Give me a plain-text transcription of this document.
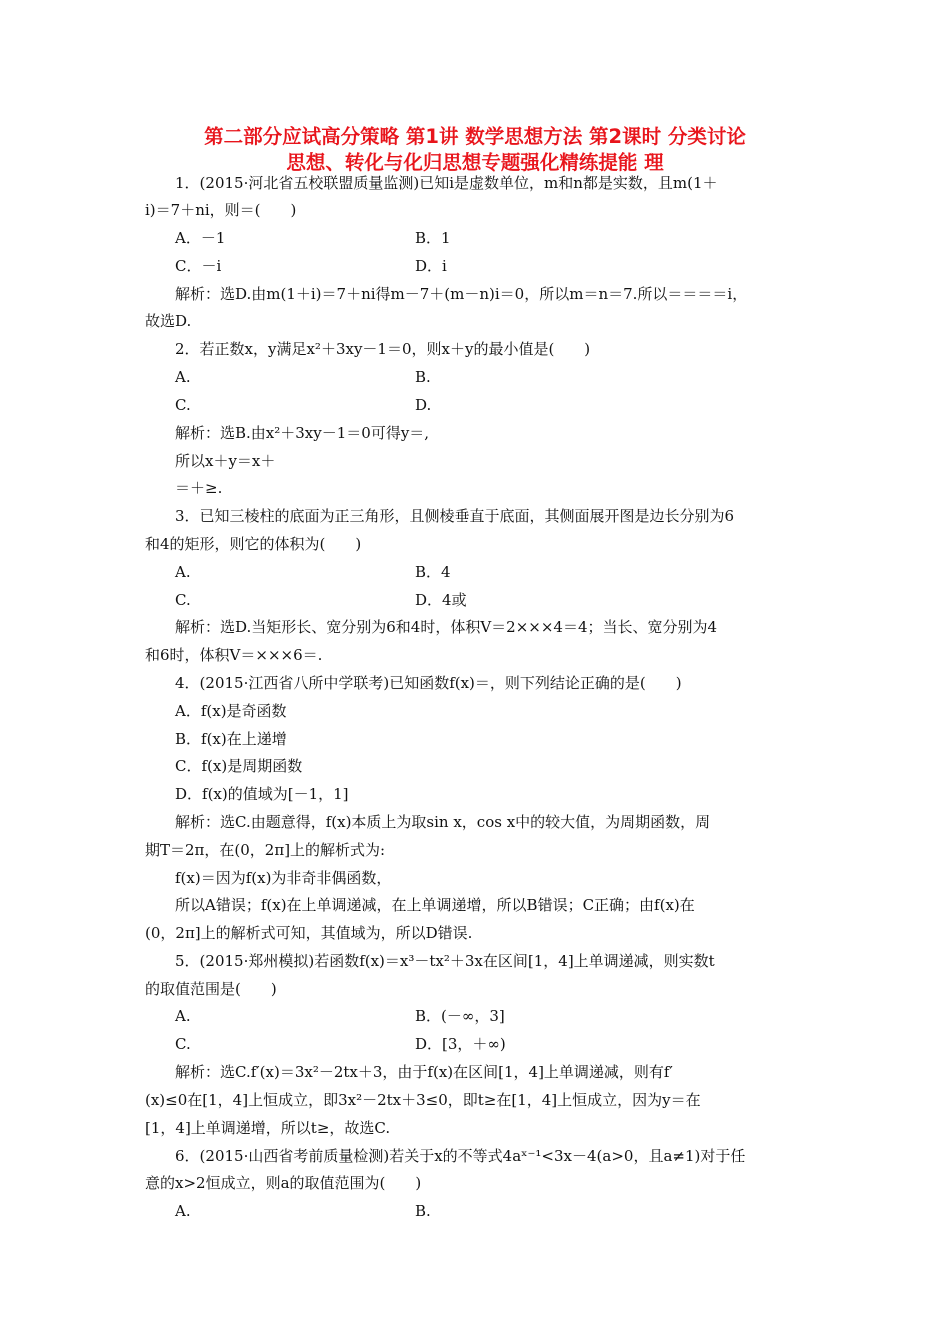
第二部分应试高分策略 第1讲 数学思想方法 第2课时 分类讨论
思想、转化与化归思想专题强化精练提能 理
1．(2015·河北省五校联盟质量监测)已知i是虚数单位，m和n都是实数，且m(1＋
i)＝7＋ni，则＝(　　)
A．－1	B．1
C．－i	D．i
解析：选D.由m(1＋i)＝7＋ni得m－7＋(m－n)i＝0，所以m＝n＝7.所以＝＝＝＝i，
故选D.
2．若正数x，y满足x²＋3xy－1＝0，则x＋y的最小值是(　　)
A.	B.
C.	D.
解析：选B.由x²＋3xy－1＝0可得y＝,
所以x＋y＝x＋
＝＋≥.
3．已知三棱柱的底面为正三角形，且侧棱垂直于底面，其侧面展开图是边长分别为6
和4的矩形，则它的体积为(　　)
A.	B．4
C.	D．4或
解析：选D.当矩形长、宽分别为6和4时，体积V＝2×××4＝4；当长、宽分别为4
和6时，体积V＝×××6＝.
4．(2015·江西省八所中学联考)已知函数f(x)＝，则下列结论正确的是(　　)
A．f(x)是奇函数
B．f(x)在上递增
C．f(x)是周期函数
D．f(x)的值域为[－1，1]
解析：选C.由题意得，f(x)本质上为取sin x，cos x中的较大值，为周期函数，周
期T＝2π，在(0，2π]上的解析式为:
f(x)＝因为f(x)为非奇非偶函数，
所以A错误；f(x)在上单调递减，在上单调递增，所以B错误；C正确；由f(x)在
(0，2π]上的解析式可知，其值域为，所以D错误.
5．(2015·郑州模拟)若函数f(x)＝x³－tx²＋3x在区间[1，4]上单调递减，则实数t
的取值范围是(　　)
A.	B．(－∞，3]
C.	D．[3，＋∞)
解析：选C.f′(x)＝3x²－2tx＋3，由于f(x)在区间[1，4]上单调递减，则有f′
(x)≤0在[1，4]上恒成立，即3x²－2tx＋3≤0，即t≥在[1，4]上恒成立，因为y＝在
[1，4]上单调递增，所以t≥，故选C.
6．(2015·山西省考前质量检测)若关于x的不等式4aˣ⁻¹<3x－4(a>0，且a≠1)对于任
意的x>2恒成立，则a的取值范围为(　　)
A.	B.
